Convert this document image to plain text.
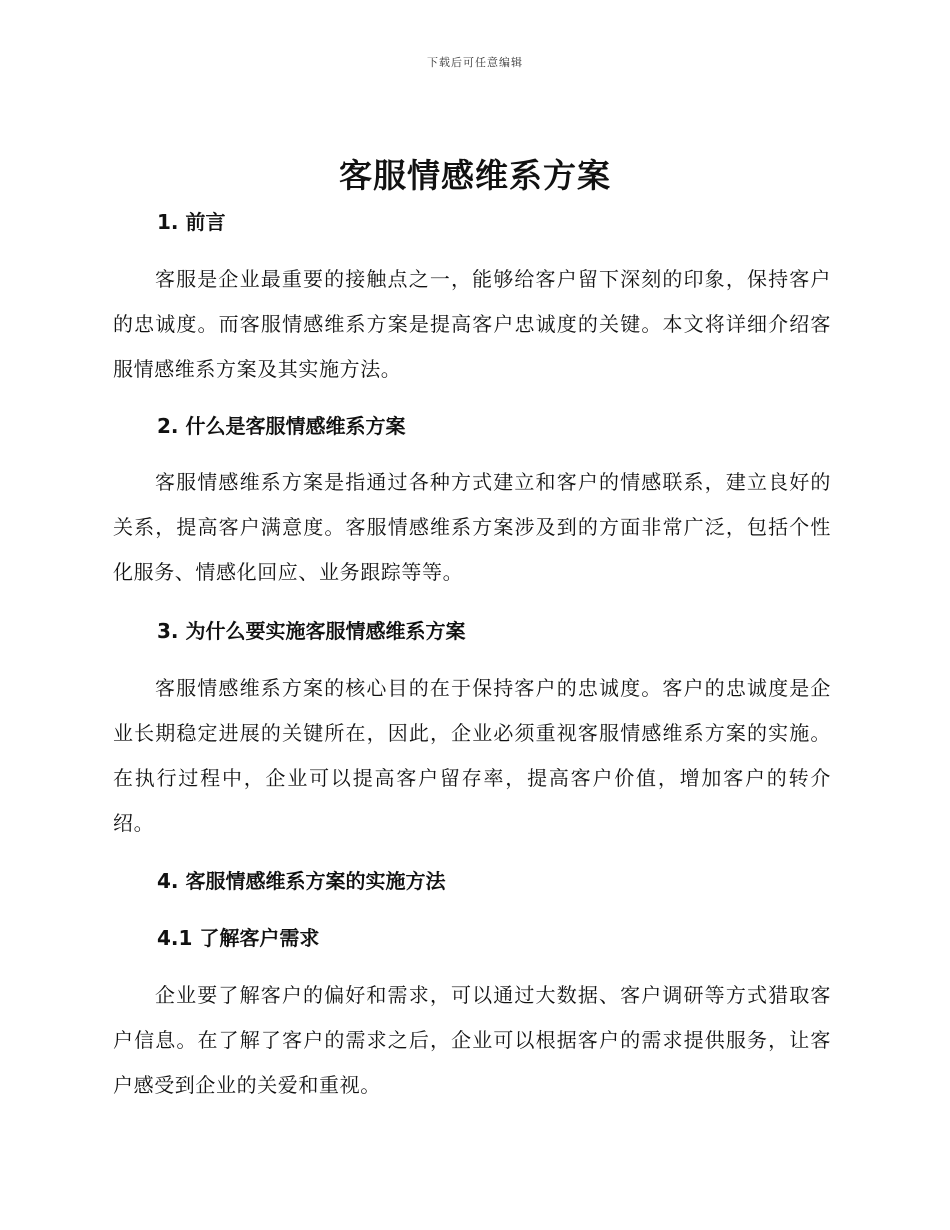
下载后可任意编辑
客服情感维系方案
1. 前言

客服是企业最重要的接触点之一，能够给客户留下深刻的印象，保持客户的忠诚度。而客服情感维系方案是提高客户忠诚度的关键。本文将详细介绍客服情感维系方案及其实施方法。

2. 什么是客服情感维系方案

客服情感维系方案是指通过各种方式建立和客户的情感联系，建立良好的关系，提高客户满意度。客服情感维系方案涉及到的方面非常广泛，包括个性化服务、情感化回应、业务跟踪等等。

3. 为什么要实施客服情感维系方案

客服情感维系方案的核心目的在于保持客户的忠诚度。客户的忠诚度是企业长期稳定进展的关键所在，因此，企业必须重视客服情感维系方案的实施。在执行过程中，企业可以提高客户留存率，提高客户价值，增加客户的转介绍。

4. 客服情感维系方案的实施方法
4.1 了解客户需求

企业要了解客户的偏好和需求，可以通过大数据、客户调研等方式猎取客户信息。在了解了客户的需求之后，企业可以根据客户的需求提供服务，让客户感受到企业的关爱和重视。
